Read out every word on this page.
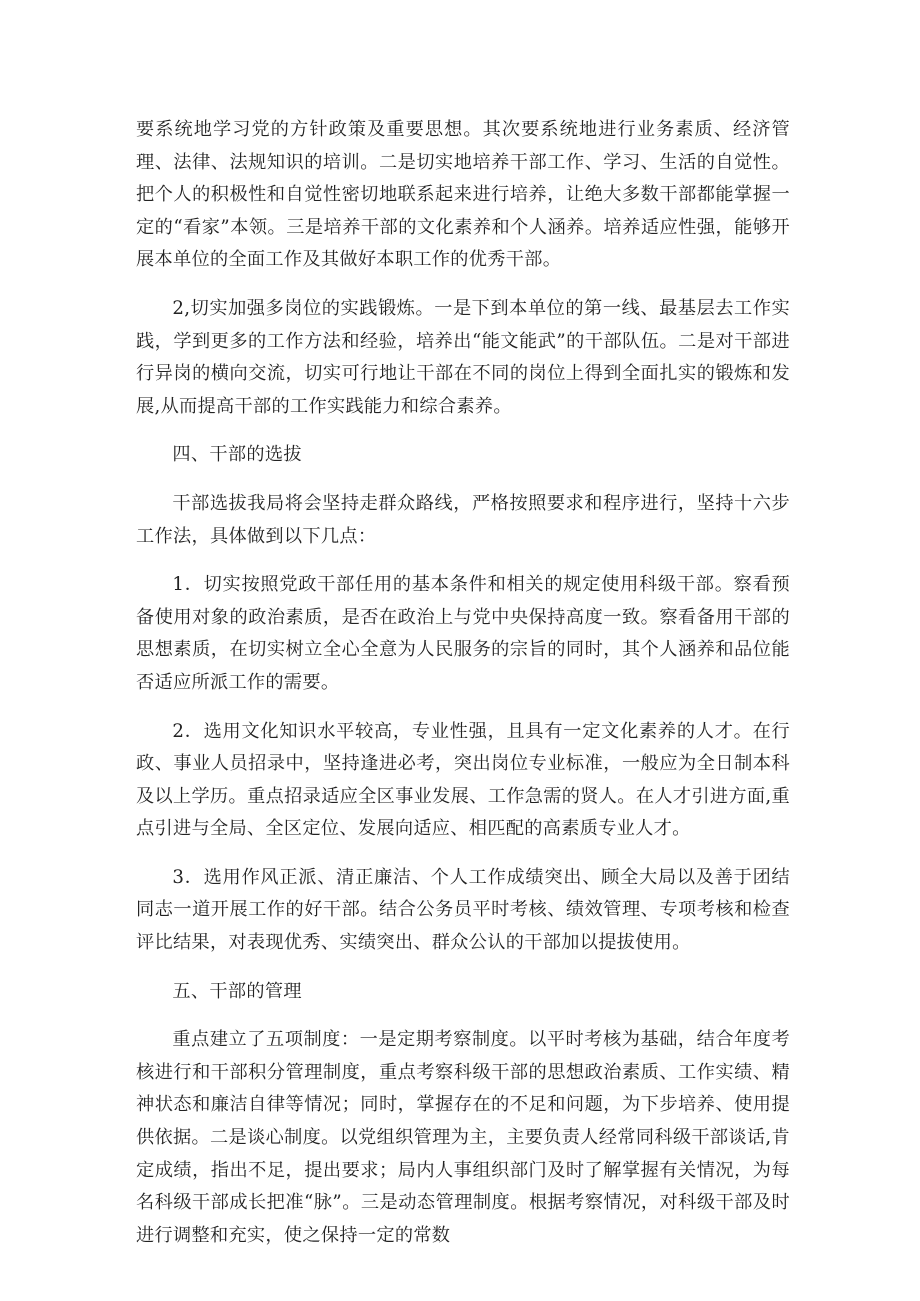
要系统地学习党的方针政策及重要思想。其次要系统地进行业务素质、经济管理、法律、法规知识的培训。二是切实地培养干部工作、学习、生活的自觉性。把个人的积极性和自觉性密切地联系起来进行培养，让绝大多数干部都能掌握一定的“看家”本领。三是培养干部的文化素养和个人涵养。培养适应性强，能够开展本单位的全面工作及其做好本职工作的优秀干部。

2,切实加强多岗位的实践锻炼。一是下到本单位的第一线、最基层去工作实践，学到更多的工作方法和经验，培养出“能文能武”的干部队伍。二是对干部进行异岗的横向交流，切实可行地让干部在不同的岗位上得到全面扎实的锻炼和发展,从而提高干部的工作实践能力和综合素养。

四、干部的选拔

干部选拔我局将会坚持走群众路线，严格按照要求和程序进行，坚持十六步工作法，具体做到以下几点：

1．切实按照党政干部任用的基本条件和相关的规定使用科级干部。察看预备使用对象的政治素质，是否在政治上与党中央保持高度一致。察看备用干部的思想素质，在切实树立全心全意为人民服务的宗旨的同时，其个人涵养和品位能否适应所派工作的需要。

2．选用文化知识水平较高，专业性强，且具有一定文化素养的人才。在行政、事业人员招录中，坚持逢进必考，突出岗位专业标准，一般应为全日制本科及以上学历。重点招录适应全区事业发展、工作急需的贤人。在人才引进方面,重点引进与全局、全区定位、发展向适应、相匹配的高素质专业人才。

3．选用作风正派、清正廉洁、个人工作成绩突出、顾全大局以及善于团结同志一道开展工作的好干部。结合公务员平时考核、绩效管理、专项考核和检查评比结果，对表现优秀、实绩突出、群众公认的干部加以提拔使用。

五、干部的管理

重点建立了五项制度：一是定期考察制度。以平时考核为基础，结合年度考核进行和干部积分管理制度，重点考察科级干部的思想政治素质、工作实绩、精神状态和廉洁自律等情况；同时，掌握存在的不足和问题，为下步培养、使用提供依据。二是谈心制度。以党组织管理为主，主要负责人经常同科级干部谈话,肯定成绩，指出不足，提出要求；局内人事组织部门及时了解掌握有关情况，为每名科级干部成长把准“脉”。三是动态管理制度。根据考察情况，对科级干部及时进行调整和充实，使之保持一定的常数
